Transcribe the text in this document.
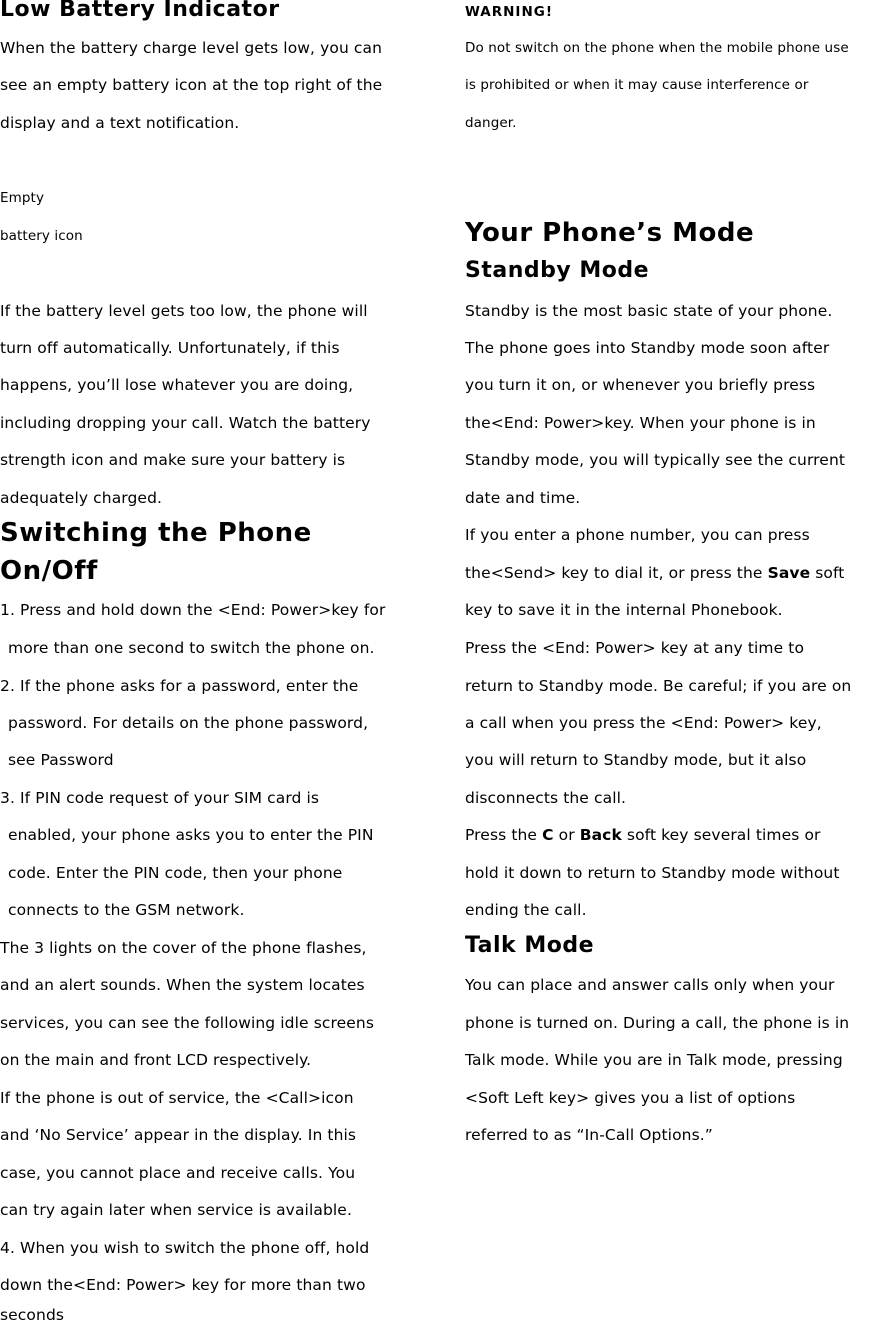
Low Battery Indicator
When the battery charge level gets low, you can
see an empty battery icon at the top right of the
display and a text notification.
Empty
battery icon
If the battery level gets too low, the phone will
turn off automatically. Unfortunately, if this
happens, you’ll lose whatever you are doing,
including dropping your call. Watch the battery
strength icon and make sure your battery is
adequately charged.
Switching the Phone
On/Off
1. Press and hold down the <End: Power>key for
more than one second to switch the phone on.
2. If the phone asks for a password, enter the
password. For details on the phone password,
see Password
3. If PIN code request of your SIM card is
enabled, your phone asks you to enter the PIN
code. Enter the PIN code, then your phone
connects to the GSM network.
The 3 lights on the cover of the phone flashes,
and an alert sounds. When the system locates
services, you can see the following idle screens
on the main and front LCD respectively.
If the phone is out of service, the <Call>icon
and ‘No Service’ appear in the display. In this
case, you cannot place and receive calls. You
can try again later when service is available.
4. When you wish to switch the phone off, hold
down the<End: Power> key for more than two
seconds
WARNING!
Do not switch on the phone when the mobile phone use
is prohibited or when it may cause interference or
danger.
Your Phone’s Mode
Standby Mode
Standby is the most basic state of your phone.
The phone goes into Standby mode soon after
you turn it on, or whenever you briefly press
the<End: Power>key. When your phone is in
Standby mode, you will typically see the current
date and time.
If you enter a phone number, you can press
the<Send> key to dial it, or press the Save soft
key to save it in the internal Phonebook.
Press the <End: Power> key at any time to
return to Standby mode. Be careful; if you are on
a call when you press the <End: Power> key,
you will return to Standby mode, but it also
disconnects the call.
Press the C or Back soft key several times or
hold it down to return to Standby mode without
ending the call.
Talk Mode
You can place and answer calls only when your
phone is turned on. During a call, the phone is in
Talk mode. While you are in Talk mode, pressing
<Soft Left key> gives you a list of options
referred to as “In-Call Options.”
